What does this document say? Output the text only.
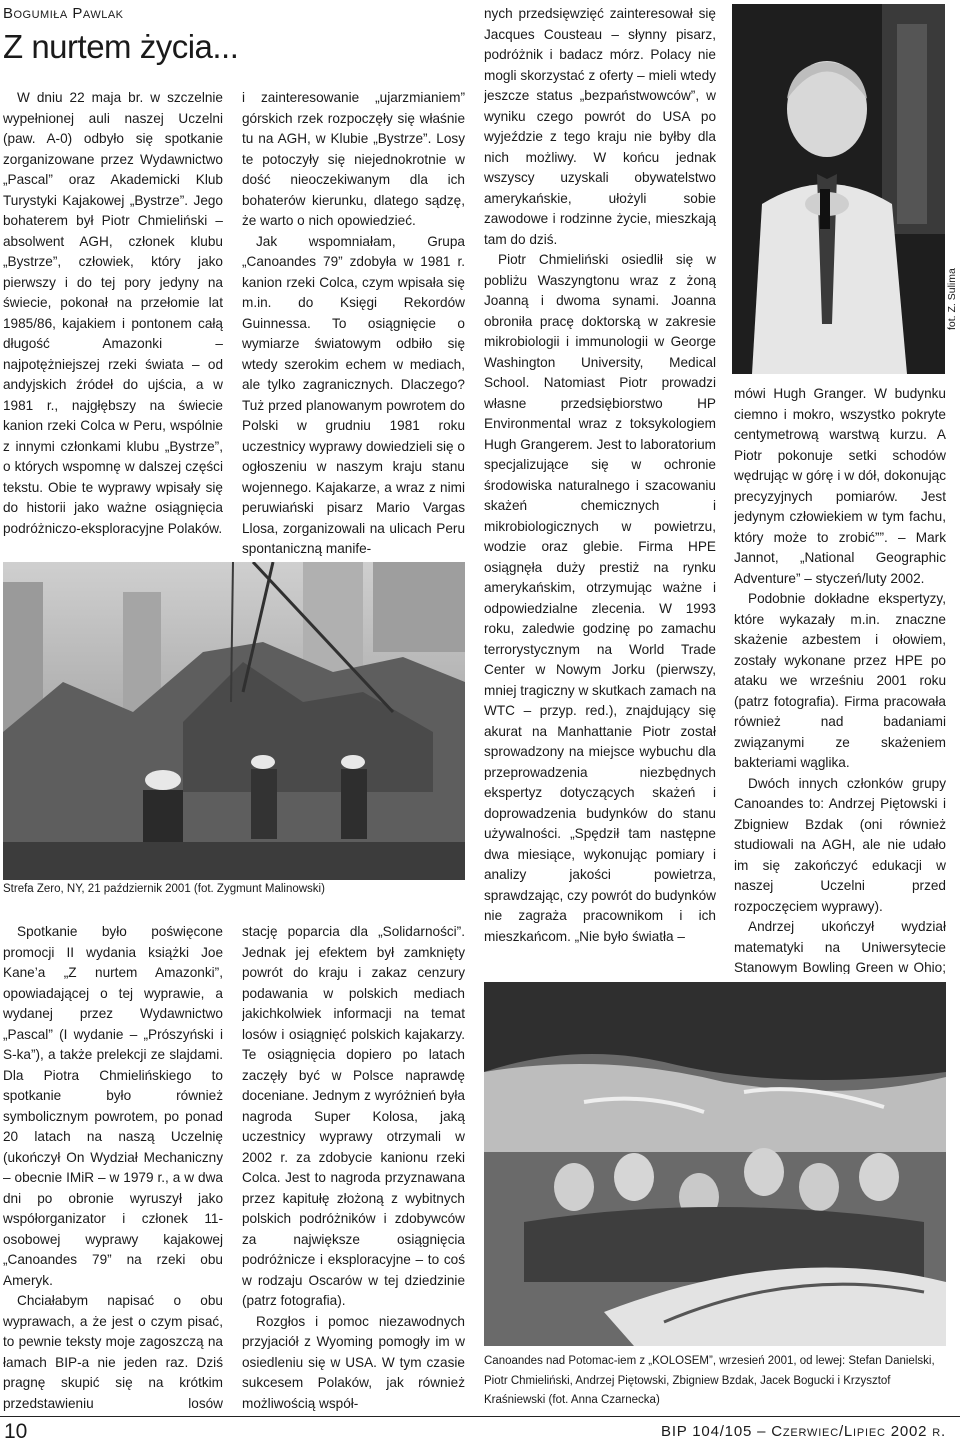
Bogumiła Pawlak
Z nurtem życia...

W dniu 22 maja br. w szczelnie wypełnionej auli naszej Uczelni (paw. A-0) odbyło się spotkanie zorganizowane przez Wydawnictwo „Pascal” oraz Akademicki Klub Turystyki Kajakowej „Bystrze”. Jego bohaterem był Piotr Chmieliński – absolwent AGH, członek klubu „Bystrze”, człowiek, który jako pierwszy i do tej pory jedyny na świecie, pokonał na przełomie lat 1985/86, kajakiem i pontonem całą długość Amazonki – najpotężniejszej rzeki świata – od andyjskich źródeł do ujścia, a w 1981 r., najgłębszy na świecie kanion rzeki Colca w Peru, wspólnie z innymi członkami klubu „Bystrze”, o których wspomnę w dalszej części tekstu. Obie te wyprawy wpisały się do historii jako ważne osiągnięcia podróżniczo-eksploracyjne Polaków.

i zainteresowanie „ujarzmianiem” górskich rzek rozpoczęły się właśnie tu na AGH, w Klubie „Bystrze”. Losy te potoczyły się niejednokrotnie w dość nieoczekiwanym dla ich bohaterów kierunku, dlatego sądzę, że warto o nich opowiedzieć.

Jak wspomniałam, Grupa „Canoandes 79” zdobyła w 1981 r. kanion rzeki Colca, czym wpisała się m.in. do Księgi Rekordów Guinnessa. To osiągnięcie o wymiarze światowym odbiło się wtedy szerokim echem w mediach, ale tylko zagranicznych. Dlaczego? Tuż przed planowanym powrotem do Polski w grudniu 1981 roku uczestnicy wyprawy dowiedzieli się o ogłoszeniu w naszym kraju stanu wojennego. Kajakarze, a wraz z nimi peruwiański pisarz Mario Vargas Llosa, zorganizowali na ulicach Peru spontaniczną manife-

Strefa Zero, NY, 21 październik 2001 (fot. Zygmunt Malinowski)

Spotkanie było poświęcone promocji II wydania książki Joe Kane’a „Z nurtem Amazonki”, opowiadającej o tej wyprawie, a wydanej przez Wydawnictwo „Pascal” (I wydanie – „Prószyński i S-ka”), a także prelekcji ze slajdami. Dla Piotra Chmielińskiego to spotkanie było również symbolicznym powrotem, po ponad 20 latach na naszą Uczelnię (ukończył On Wydział Mechaniczny – obecnie IMiR – w 1979 r., a w dwa dni po obronie wyruszył jako współorganizator i członek 11-osobowej wyprawy kajakowej „Canoandes 79” na rzeki obu Ameryk.

Chciałabym napisać o obu wyprawach, a że jest o czym pisać, to pewnie teksty moje zagoszczą na łamach BIP-a nie jeden raz. Dziś pragnę skupić się na krótkim przedstawieniu losów

stację poparcia dla „Solidarności”. Jednak jej efektem był zamknięty powrót do kraju i zakaz cenzury podawania w polskich mediach jakichkolwiek informacji na temat losów i osiągnięć polskich kajakarzy. Te osiągnięcia dopiero po latach zaczęły być w Polsce naprawdę doceniane. Jednym z wyróżnień była nagroda Super Kolosa, jaką uczestnicy wyprawy otrzymali w 2002 r. za zdobycie kanionu rzeki Colca. Jest to nagroda przyznawana przez kapitułę złożoną z wybitnych polskich podróżników i zdobywców za największe osiągnięcia podróżnicze i eksploracyjne – to coś w rodzaju Oscarów w tej dziedzinie (patrz fotografia).

Rozgłos i pomoc niezawodnych przyjaciół z Wyoming pomogły im w osiedleniu się w USA. W tym czasie sukcesem Polaków, jak również możliwością współ-

nych przedsięwzięć zainteresował się Jacques Cousteau – słynny pisarz, podróżnik i badacz mórz. Polacy nie mogli skorzystać z oferty – mieli wtedy jeszcze status „bezpaństwowców”, w wyniku czego powrót do USA po wyjeździe z tego kraju nie byłby dla nich możliwy. W końcu jednak wszyscy uzyskali obywatelstwo amerykańskie, ułożyli sobie zawodowe i rodzinne życie, mieszkają tam do dziś.

Piotr Chmieliński osiedlił się w pobliżu Waszyngtonu wraz z żoną Joanną i dwoma synami. Joanna obroniła pracę doktorską w zakresie mikrobiologii i immunologii w George Washington University, Medical School. Natomiast Piotr prowadzi własne przedsiębiorstwo HP Environmental wraz z toksykologiem Hugh Grangerem. Jest to laboratorium specjalizujące się w ochronie środowiska naturalnego i szacowaniu skażeń chemicznych i mikrobiologicznych w powietrzu, wodzie oraz glebie. Firma HPE osiągnęła duży prestiż na rynku amerykańskim, otrzymując ważne i odpowiedzialne zlecenia. W 1993 roku, zaledwie godzinę po zamachu terrorystycznym na World Trade Center w Nowym Jorku (pierwszy, mniej tragiczny w skutkach zamach na WTC – przyp. red.), znajdujący się akurat na Manhattanie Piotr został sprowadzony na miejsce wybuchu dla przeprowadzenia niezbędnych ekspertyz dotyczących skażeń i doprowadzenia budynków do stanu używalności. „Spędził tam następne dwa miesiące, wykonując pomiary i analizy jakości powietrza, sprawdzając, czy powrót do budynków nie zagraża pracownikom i ich mieszkańcom. „Nie było światła –

fot. Z. Sulima

mówi Hugh Granger. W budynku ciemno i mokro, wszystko pokryte centymetrową warstwą kurzu. A Piotr pokonuje setki schodów wędrując w górę i w dół, dokonując precyzyjnych pomiarów. Jest jedynym człowiekiem w tym fachu, który może to zrobić””. – Mark Jannot, „National Geographic Adventure” – styczeń/luty 2002.

Podobnie dokładne ekspertyzy, które wykazały m.in. znaczne skażenie azbestem i ołowiem, zostały wykonane przez HPE po ataku we wrześniu 2001 roku (patrz fotografia). Firma pracowała również nad badaniami związanymi ze skażeniem bakteriami wąglika.

Dwóch innych członków grupy Canoandes to: Andrzej Piętowski i Zbigniew Bzdak (oni również studiowali na AGH, ale nie udało im się zakończyć edukacji w naszej Uczelni przed rozpoczęciem wyprawy).

Andrzej ukończył wydział matematyki na Uniwersytecie Stanowym Bowling Green w Ohio;

Canoandes nad Potomac-iem z „KOLOSEM”, wrzesień 2001, od lewej: Stefan Danielski, Piotr Chmieliński, Andrzej Piętowski, Zbigniew Bzdak, Jacek Bogucki i Krzysztof Kraśniewski (fot. Anna Czarnecka)
10	BIP 104/105 – Czerwiec/Lipiec 2002 r.
